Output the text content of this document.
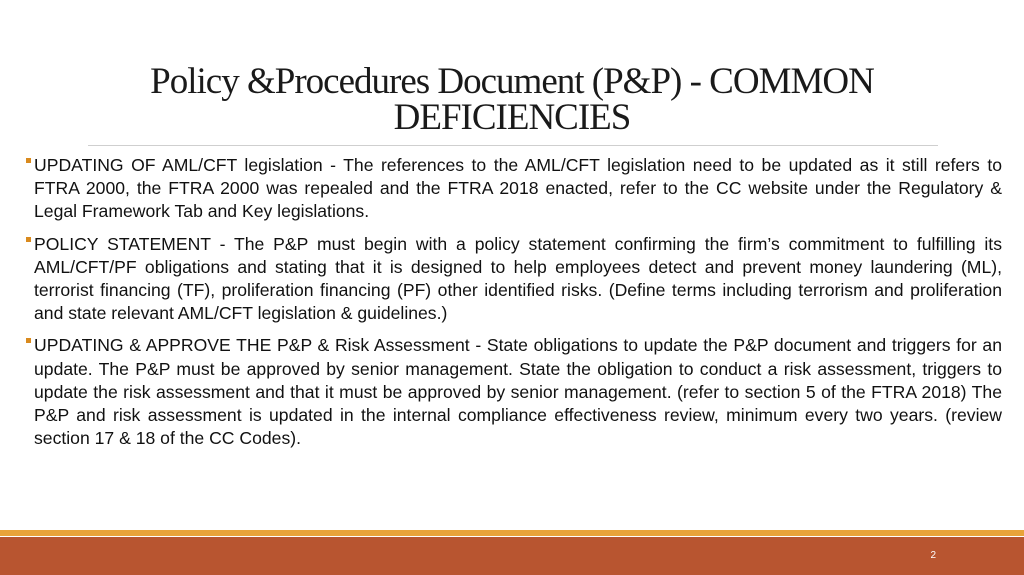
Policy &Procedures Document (P&P) - COMMON
DEFICIENCIES
UPDATING OF AML/CFT legislation - The references to the AML/CFT legislation need to be updated as it still refers to FTRA 2000, the FTRA 2000 was repealed and the FTRA 2018 enacted, refer to the CC website under the Regulatory & Legal Framework Tab and Key legislations.
POLICY STATEMENT - The P&P must begin with a policy statement confirming the firm’s commitment to fulfilling its AML/CFT/PF obligations and stating that it is designed to help employees detect and prevent money laundering (ML), terrorist financing (TF), proliferation financing (PF) other identified risks. (Define terms including terrorism and proliferation and state relevant AML/CFT legislation & guidelines.)
UPDATING & APPROVE THE P&P & Risk Assessment - State obligations to update the P&P document and triggers for an update. The P&P must be approved by senior management. State the obligation to conduct a risk assessment, triggers to update the risk assessment and that it must be approved by senior management. (refer to section 5 of the FTRA 2018) The P&P and risk assessment is updated in the internal compliance effectiveness review, minimum every two years. (review section 17 & 18 of the CC Codes).
2
